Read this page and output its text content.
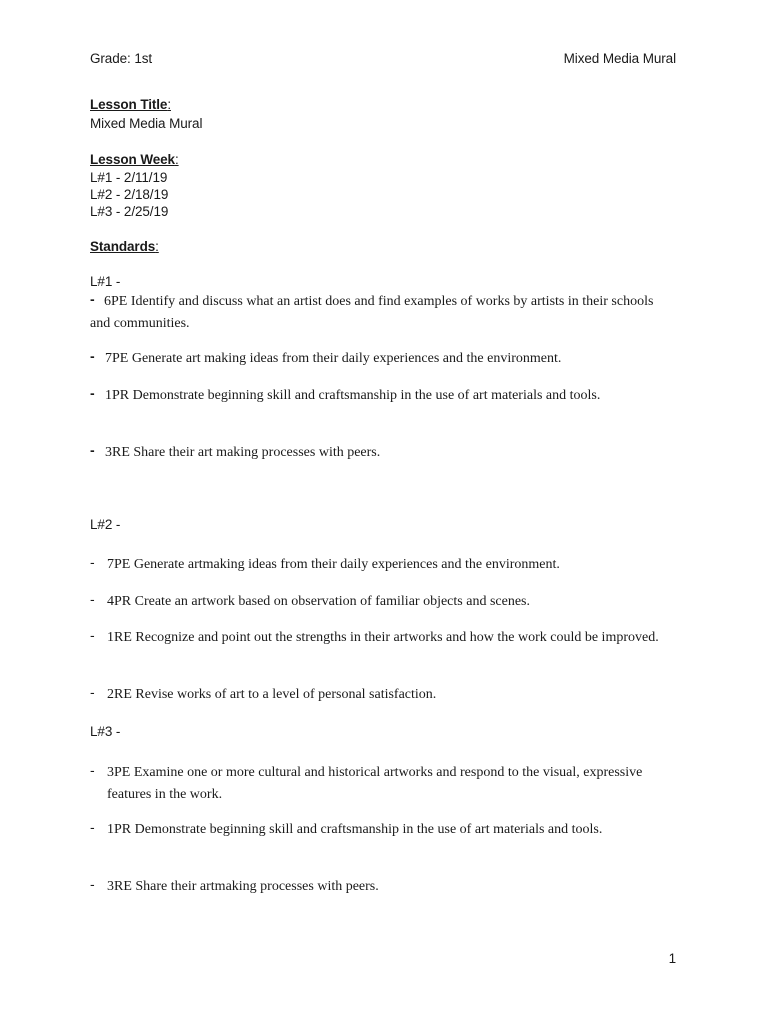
Grade: 1st	Mixed Media Mural
Lesson Title:
Mixed Media Mural
Lesson Week:
L#1 - 2/11/19
L#2 - 2/18/19
L#3 - 2/25/19
Standards:
L#1 -
- 6PE Identify and discuss what an artist does and find examples of works by artists in their schools and communities.
- 7PE Generate art making ideas from their daily experiences and the environment.
- 1PR Demonstrate beginning skill and craftsmanship in the use of art materials and tools.
- 3RE Share their art making processes with peers.
L#2 -
- 7PE Generate artmaking ideas from their daily experiences and the environment.
- 4PR Create an artwork based on observation of familiar objects and scenes.
- 1RE Recognize and point out the strengths in their artworks and how the work could be improved.
- 2RE Revise works of art to a level of personal satisfaction.
L#3 -
- 3PE Examine one or more cultural and historical artworks and respond to the visual, expressive features in the work.
- 1PR Demonstrate beginning skill and craftsmanship in the use of art materials and tools.
- 3RE Share their artmaking processes with peers.
1
